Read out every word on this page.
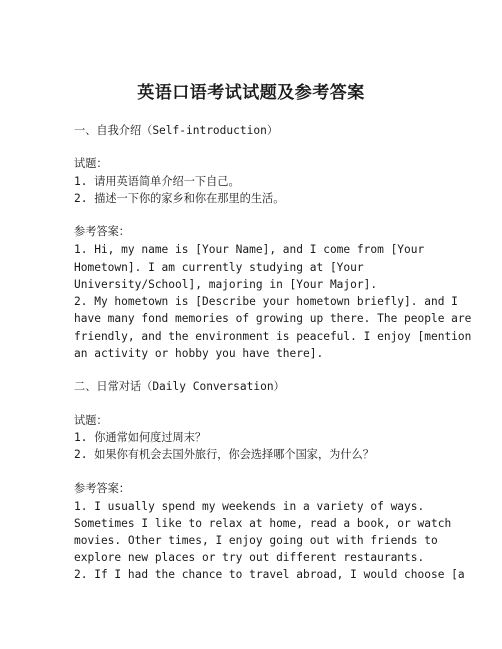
英语口语考试试题及参考答案
一、自我介绍（Self-introduction）
试题：
1. 请用英语简单介绍一下自己。
2. 描述一下你的家乡和你在那里的生活。
参考答案：
1. Hi, my name is [Your Name], and I come from [Your
Hometown]. I am currently studying at [Your
University/School], majoring in [Your Major].
2. My hometown is [Describe your hometown briefly]. and I
have many fond memories of growing up there. The people are
friendly, and the environment is peaceful. I enjoy [mention
an activity or hobby you have there].
二、日常对话（Daily Conversation）
试题：
1. 你通常如何度过周末？
2. 如果你有机会去国外旅行，你会选择哪个国家，为什么？
参考答案：
1. I usually spend my weekends in a variety of ways.
Sometimes I like to relax at home, read a book, or watch
movies. Other times, I enjoy going out with friends to
explore new places or try out different restaurants.
2. If I had the chance to travel abroad, I would choose [a
